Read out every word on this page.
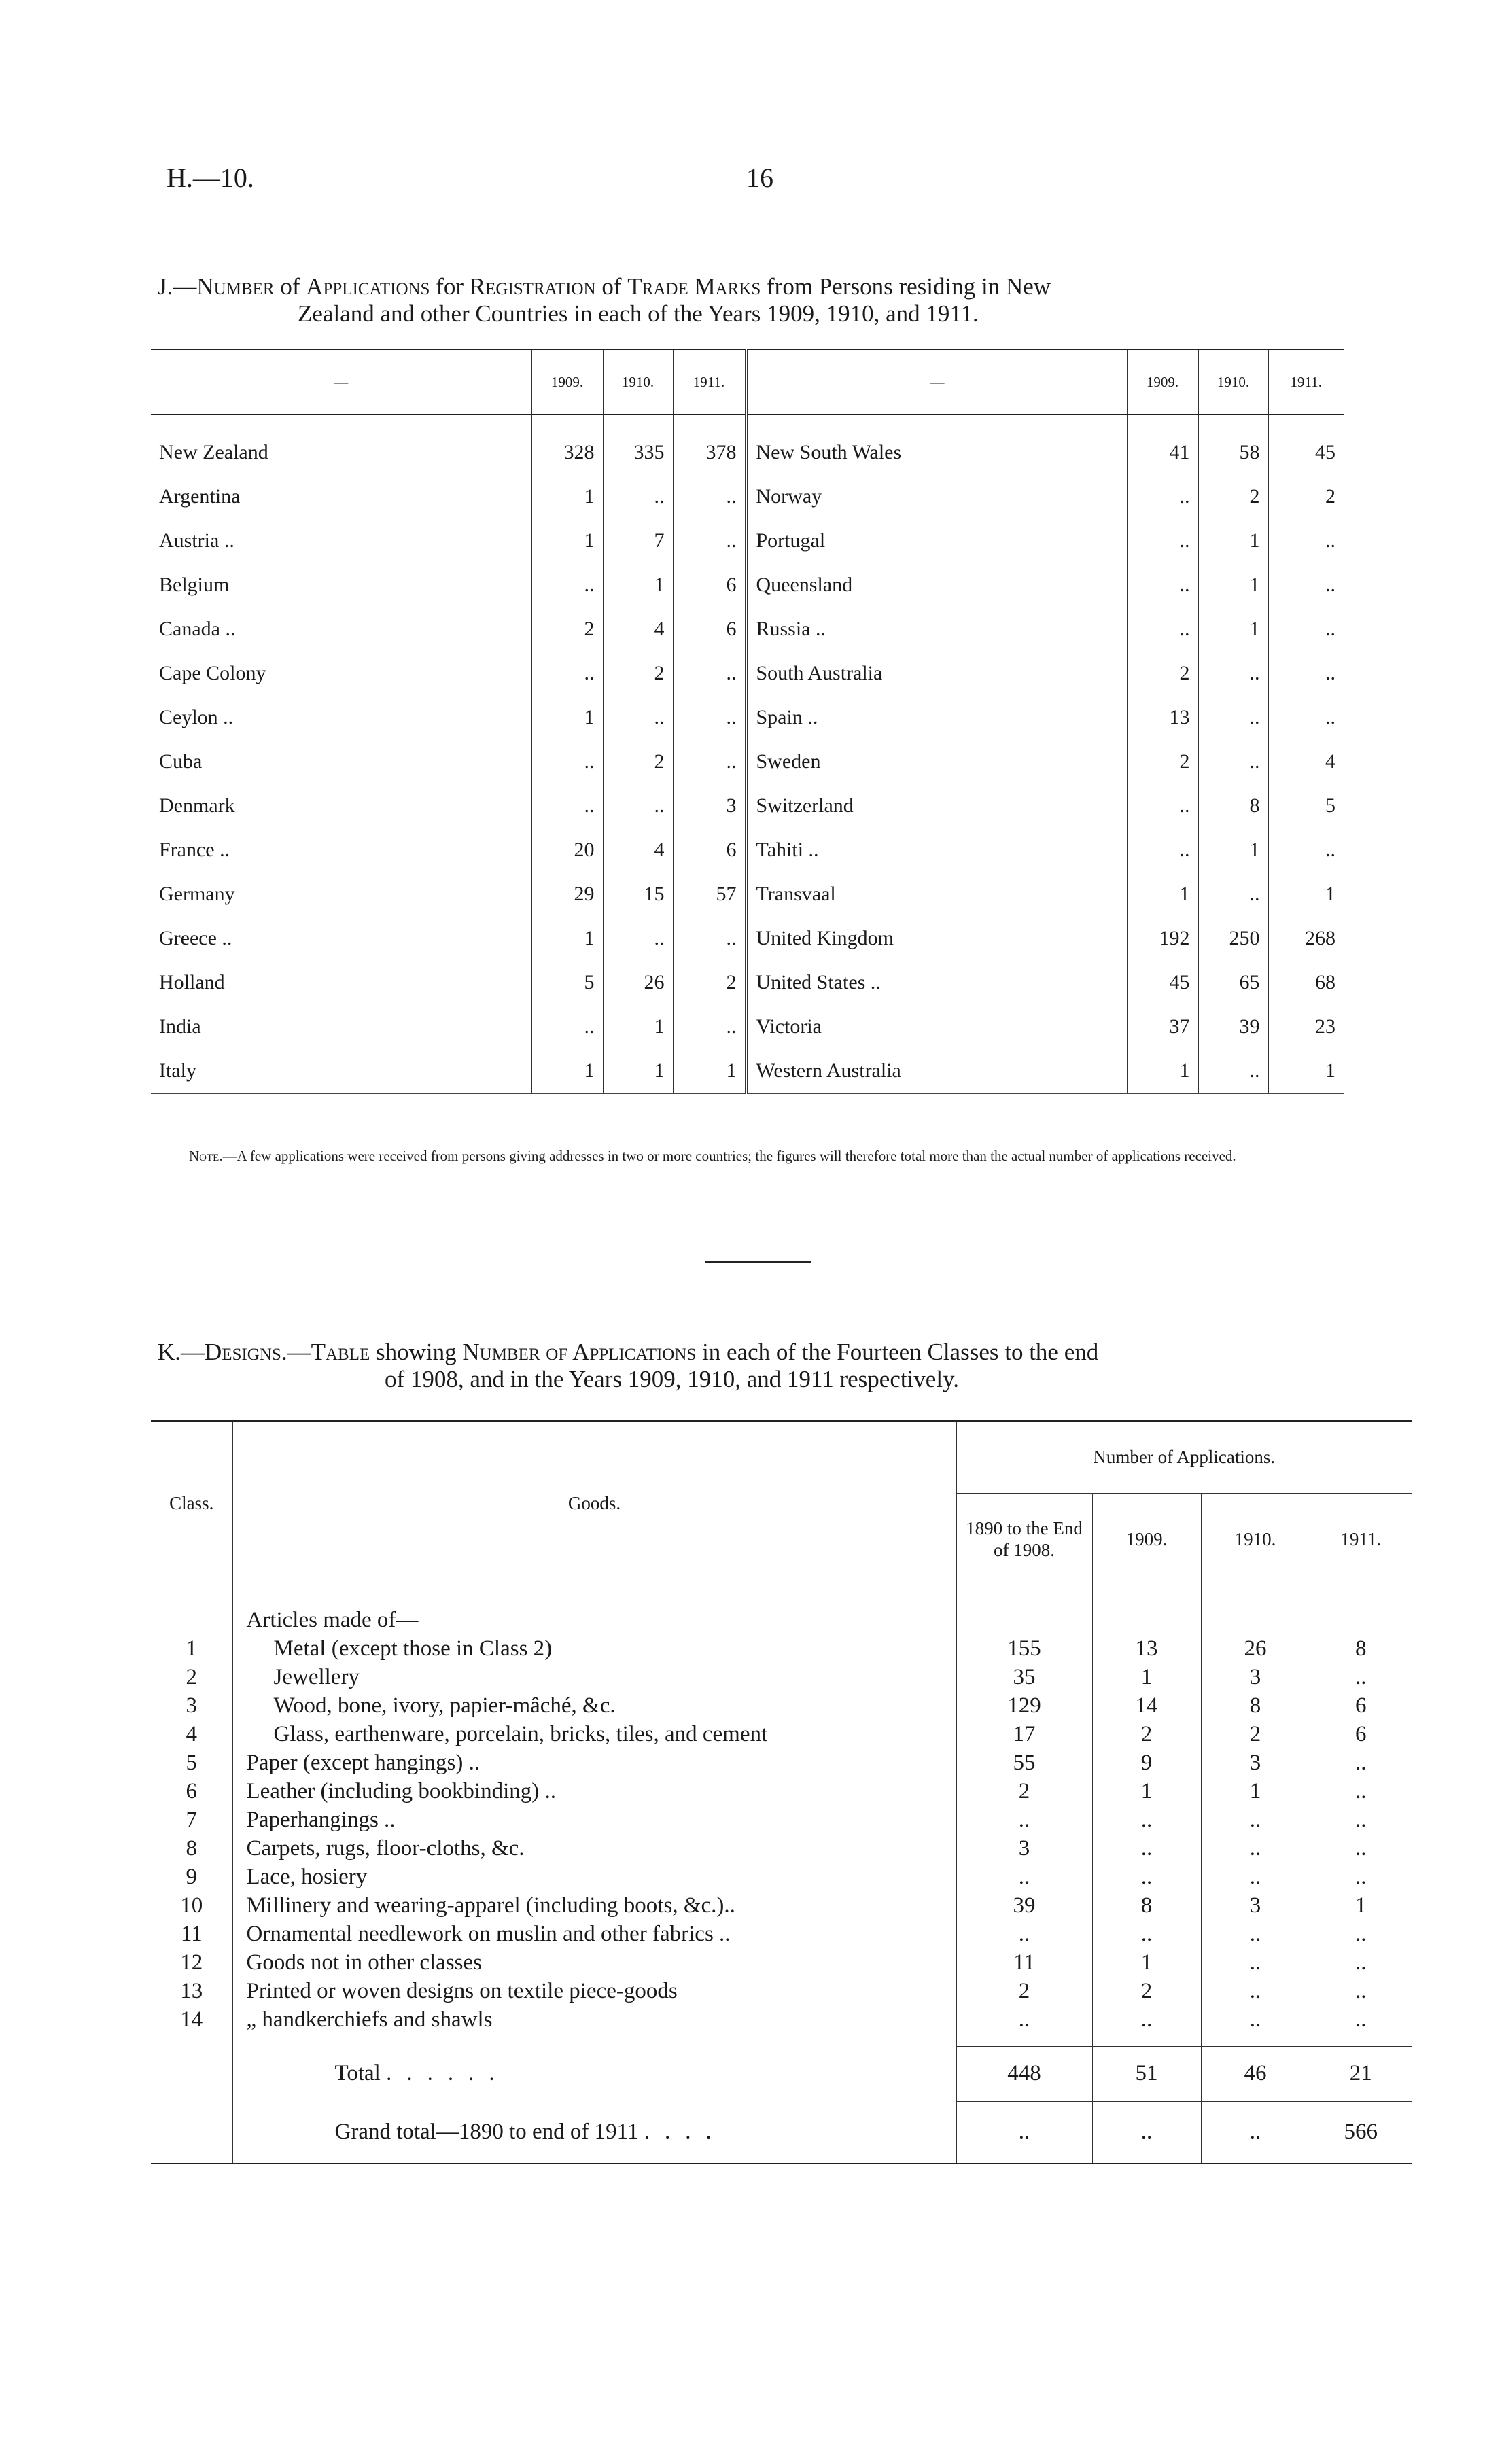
H.—10.	16
J.—Number of Applications for Registration of Trade Marks from Persons residing in New
Zealand and other Countries in each of the Years 1909, 1910, and 1911.
—	1909.	1910.	1911.	—	1909.	1910.	1911.
New Zealand	328	335	378	New South Wales	41	58	45
Argentina	1	..	..	Norway	..	2	2
Austria ..	1	7	..	Portugal	..	1	..
Belgium	..	1	6	Queensland	..	1	..
Canada ..	2	4	6	Russia ..	..	1	..
Cape Colony	..	2	..	South Australia	2	..	..
Ceylon ..	1	..	..	Spain ..	13	..	..
Cuba	..	2	..	Sweden	2	..	4
Denmark	..	..	3	Switzerland	..	8	5
France ..	20	4	6	Tahiti ..	..	1	..
Germany	29	15	57	Transvaal	1	..	1
Greece ..	1	..	..	United Kingdom	192	250	268
Holland	5	26	2	United States ..	45	65	68
India	..	1	..	Victoria	37	39	23
Italy	1	1	1	Western Australia	1	..	1
Note.—A few applications were received from persons giving addresses in two or more countries; the figures will therefore total more than the actual number of applications received.
K.—Designs.—Table showing Number of Applications in each of the Fourteen Classes to the end
of 1908, and in the Years 1909, 1910, and 1911 respectively.
Class.	Goods.	Number of Applications.			
		1890 to the End of 1908.	1909.	1910.	1911.
	Articles made of—				
1	Metal (except those in Class 2)	155	13	26	8
2	Jewellery	35	1	3	..
3	Wood, bone, ivory, papier-mâché, &c.	129	14	8	6
4	Glass, earthenware, porcelain, bricks, tiles, and cement	17	2	2	6
5	Paper (except hangings) ..	55	9	3	..
6	Leather (including bookbinding) ..	2	1	1	..
7	Paperhangings ..	..	..	..	..
8	Carpets, rugs, floor-cloths, &c.	3	..	..	..
9	Lace, hosiery	..	..	..	..
10	Millinery and wearing-apparel (including boots, &c.)..	39	8	3	1
11	Ornamental needlework on muslin and other fabrics ..	..	..	..	..
12	Goods not in other classes	11	1	..	..
13	Printed or woven designs on textile piece-goods	2	2	..	..
14	„ handkerchiefs and shawls	..	..	..	..

	Total ......	448	51	46	21
	Grand total—1890 to end of 1911 ....	..	..	..	566
